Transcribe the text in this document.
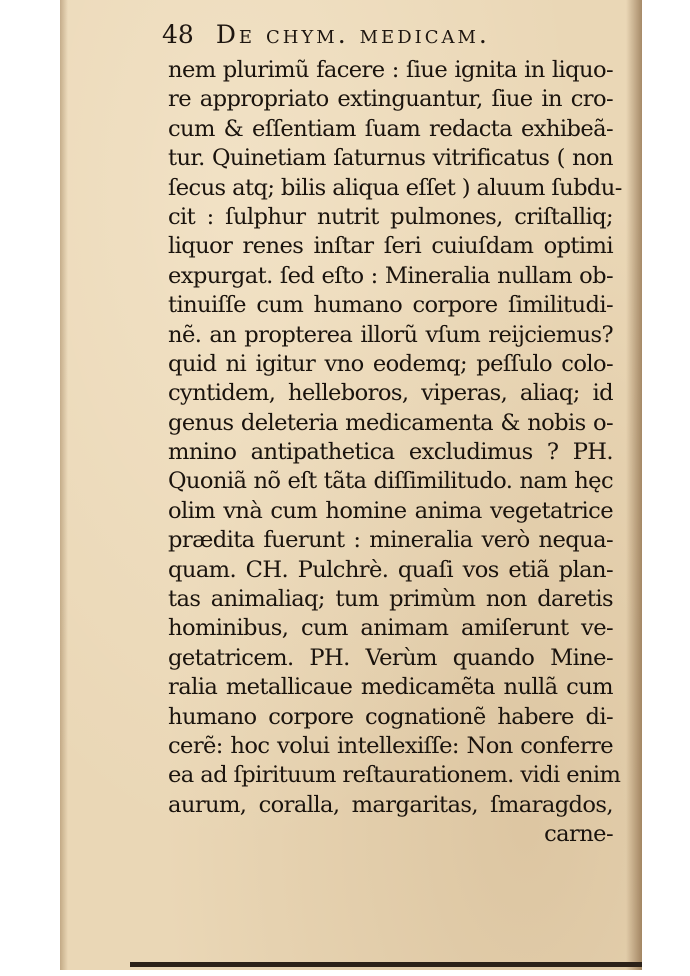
48 De chym. medicam.
nem plurimũ facere : ſiue ignita in liquo-
re appropriato extinguantur, ſiue in cro-
cum & eſſentiam ſuam redacta exhibeã-
tur. Quinetiam ſaturnus vitrificatus ( non
ſecus atq; bilis aliqua eſſet ) aluum ſubdu-
cit : ſulphur nutrit pulmones, criſtalliq;
liquor renes inſtar ſeri cuiuſdam optimi
expurgat. ſed eſto : Mineralia nullam ob-
tinuiſſe cum humano corpore ſimilitudi-
nẽ. an propterea illorũ vſum reijciemus?
quid ni igitur vno eodemq; peſſulo colo-
cyntidem, helleboros, viperas, aliaq; id
genus deleteria medicamenta & nobis o-
mnino antipathetica excludimus ? PH.
Quoniã nõ eſt tãta diſſimilitudo. nam hęc
olim vnà cum homine anima vegetatrice
prædita fuerunt : mineralia verò nequa-
quam. CH. Pulchrè. quaſi vos etiã plan-
tas animaliaq; tum primùm non daretis
hominibus, cum animam amiſerunt ve-
getatricem. PH. Verùm quando Mine-
ralia metallicaue medicamẽta nullã cum
humano corpore cognationẽ habere di-
cerẽ: hoc volui intellexiſſe: Non conferre
ea ad ſpirituum reſtaurationem. vidi enim
aurum, coralla, margaritas, ſmaragdos,
carne-
